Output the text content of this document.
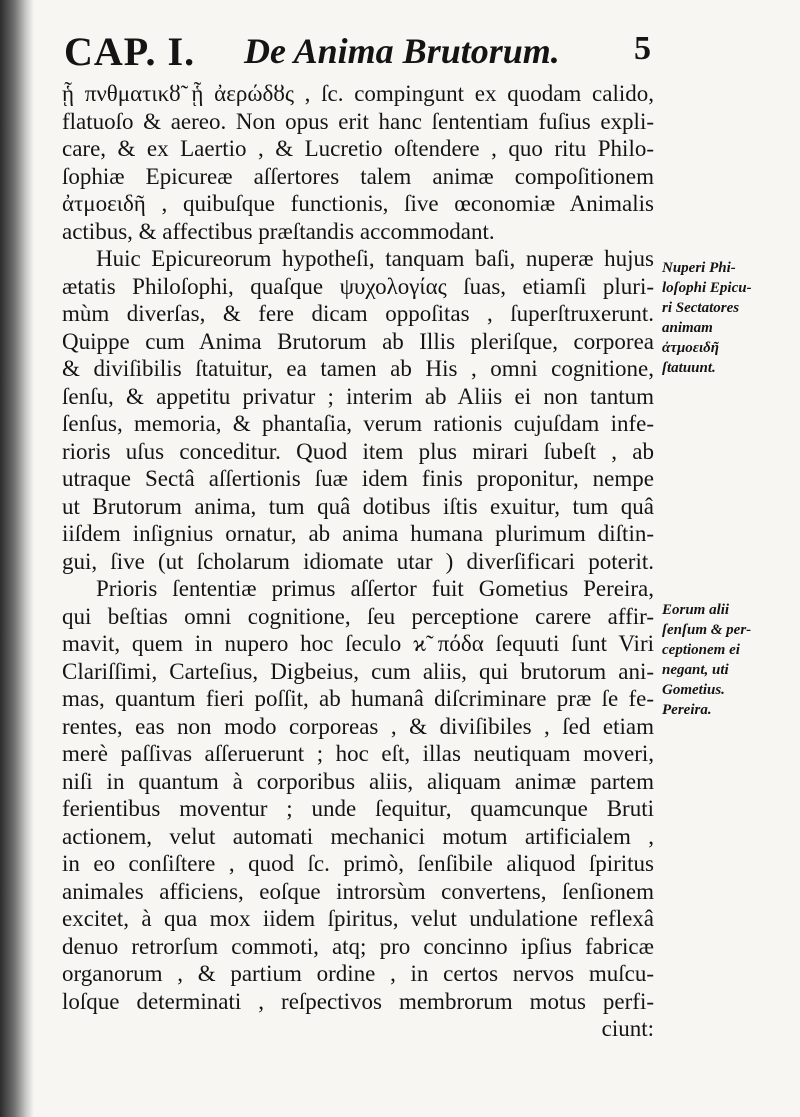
CAP. I. De Anima Brutorum. 5
ᾗ πνθματικȣ̃ ᾗ ἀερώδȣς , ſc. compingunt ex quodam calido,
flatuoſo & aereo. Non opus erit hanc ſententiam fuſius expli-
care, & ex Laertio , & Lucretio oſtendere , quo ritu Philo-
ſophiæ Epicureæ aſſertores talem animæ compoſitionem
ἀτμοειδῆ , quibuſque functionis, ſive œconomiæ Animalis
actibus, & affectibus præſtandis accommodant.
Huic Epicureorum hypotheſi, tanquam baſi, nuperæ hujus
ætatis Philoſophi, quaſque ψυχολογίας ſuas, etiamſi pluri-
mùm diverſas, & fere dicam oppoſitas , ſuperſtruxerunt.
Quippe cum Anima Brutorum ab Illis pleriſque, corporea
& diviſibilis ſtatuitur, ea tamen ab His , omni cognitione,
ſenſu, & appetitu privatur ; interim ab Aliis ei non tantum
ſenſus, memoria, & phantaſia, verum rationis cujuſdam infe-
rioris uſus conceditur. Quod item plus mirari ſubeſt , ab
utraque Sectâ aſſertionis ſuæ idem finis proponitur, nempe
ut Brutorum anima, tum quâ dotibus iſtis exuitur, tum quâ
iiſdem inſignius ornatur, ab anima humana plurimum diſtin-
gui, ſive (ut ſcholarum idiomate utar ) diverſificari poterit.
Prioris ſententiæ primus aſſertor fuit Gometius Pereira,
qui beſtias omni cognitione, ſeu perceptione carere affir-
mavit, quem in nupero hoc ſeculo ϰ̃ πόδα ſequuti ſunt Viri
Clariſſimi, Carteſius, Digbeius, cum aliis, qui brutorum ani-
mas, quantum fieri poſſit, ab humanâ diſcriminare præ ſe fe-
rentes, eas non modo corporeas , & diviſibiles , ſed etiam
merè paſſivas aſſeruerunt ; hoc eſt, illas neutiquam moveri,
niſi in quantum à corporibus aliis, aliquam animæ partem
ferientibus moventur ; unde ſequitur, quamcunque Bruti
actionem, velut automati mechanici motum artificialem ,
in eo conſiſtere , quod ſc. primò, ſenſibile aliquod ſpiritus
animales afficiens, eoſque introrsùm convertens, ſenſionem
excitet, à qua mox iidem ſpiritus, velut undulatione reflexâ
denuo retrorſum commoti, atq; pro concinno ipſius fabricæ
organorum , & partium ordine , in certos nervos muſcu-
loſque determinati , reſpectivos membrorum motus perfi-
ciunt:
Nuperi Phi-
loſophi Epicu-
ri Sectatores
animam
ἀτμοειδῆ
ſtatuunt.
Eorum alii
ſenſum & per-
ceptionem ei
negant, uti
Gometius.
Pereira.
